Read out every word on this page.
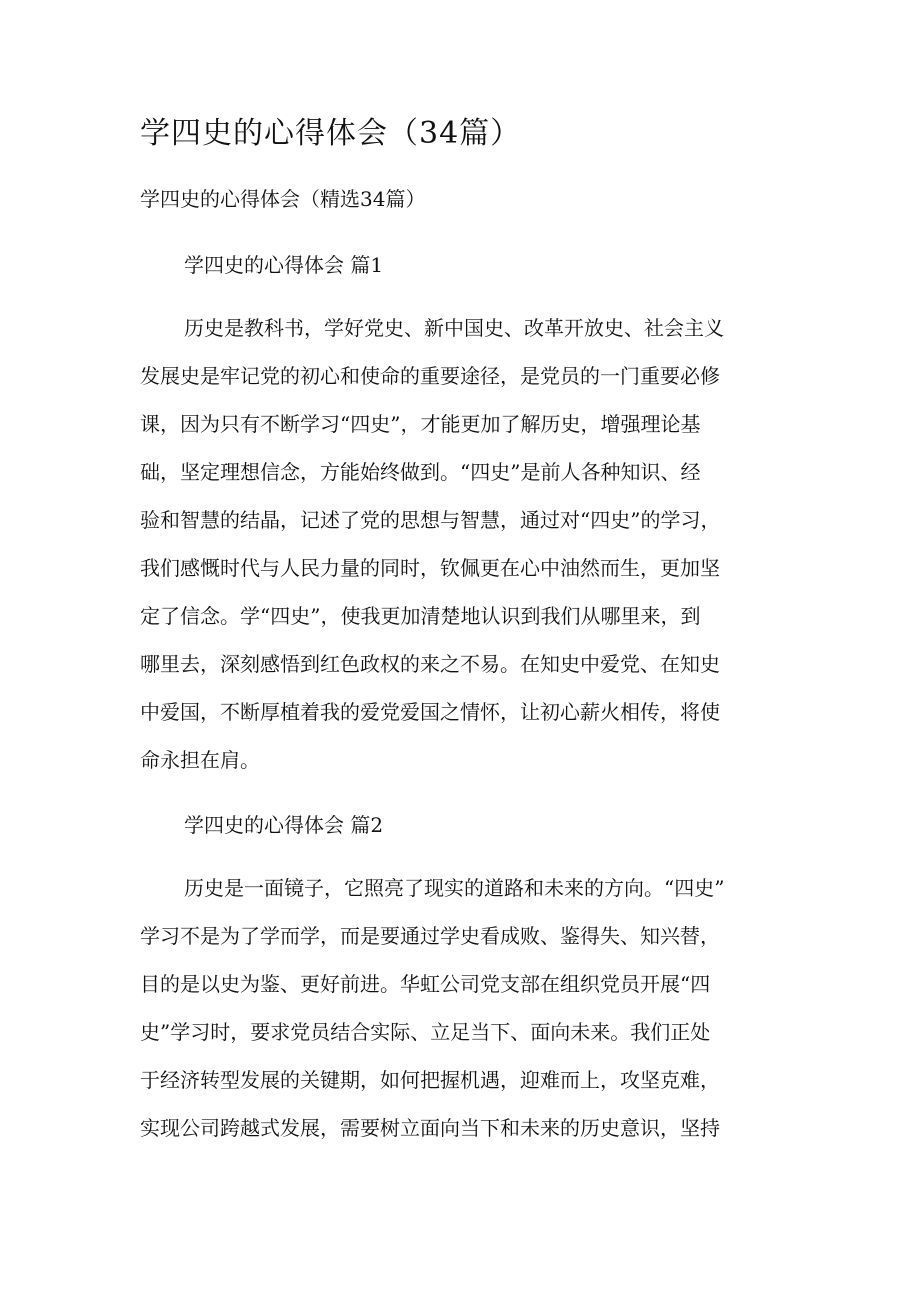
学四史的心得体会（34篇）
学四史的心得体会（精选34篇）
学四史的心得体会 篇1
历史是教科书，学好党史、新中国史、改革开放史、社会主义
发展史是牢记党的初心和使命的重要途径，是党员的一门重要必修
课，因为只有不断学习“四史”，才能更加了解历史，增强理论基
础，坚定理想信念，方能始终做到。“四史”是前人各种知识、经
验和智慧的结晶，记述了党的思想与智慧，通过对“四史”的学习，
我们感慨时代与人民力量的同时，钦佩更在心中油然而生，更加坚
定了信念。学“四史”，使我更加清楚地认识到我们从哪里来，到
哪里去，深刻感悟到红色政权的来之不易。在知史中爱党、在知史
中爱国，不断厚植着我的爱党爱国之情怀，让初心薪火相传，将使
命永担在肩。
学四史的心得体会 篇2
历史是一面镜子，它照亮了现实的道路和未来的方向。“四史”
学习不是为了学而学，而是要通过学史看成败、鉴得失、知兴替，
目的是以史为鉴、更好前进。华虹公司党支部在组织党员开展“四
史”学习时，要求党员结合实际、立足当下、面向未来。我们正处
于经济转型发展的关键期，如何把握机遇，迎难而上，攻坚克难，
实现公司跨越式发展，需要树立面向当下和未来的历史意识，坚持
